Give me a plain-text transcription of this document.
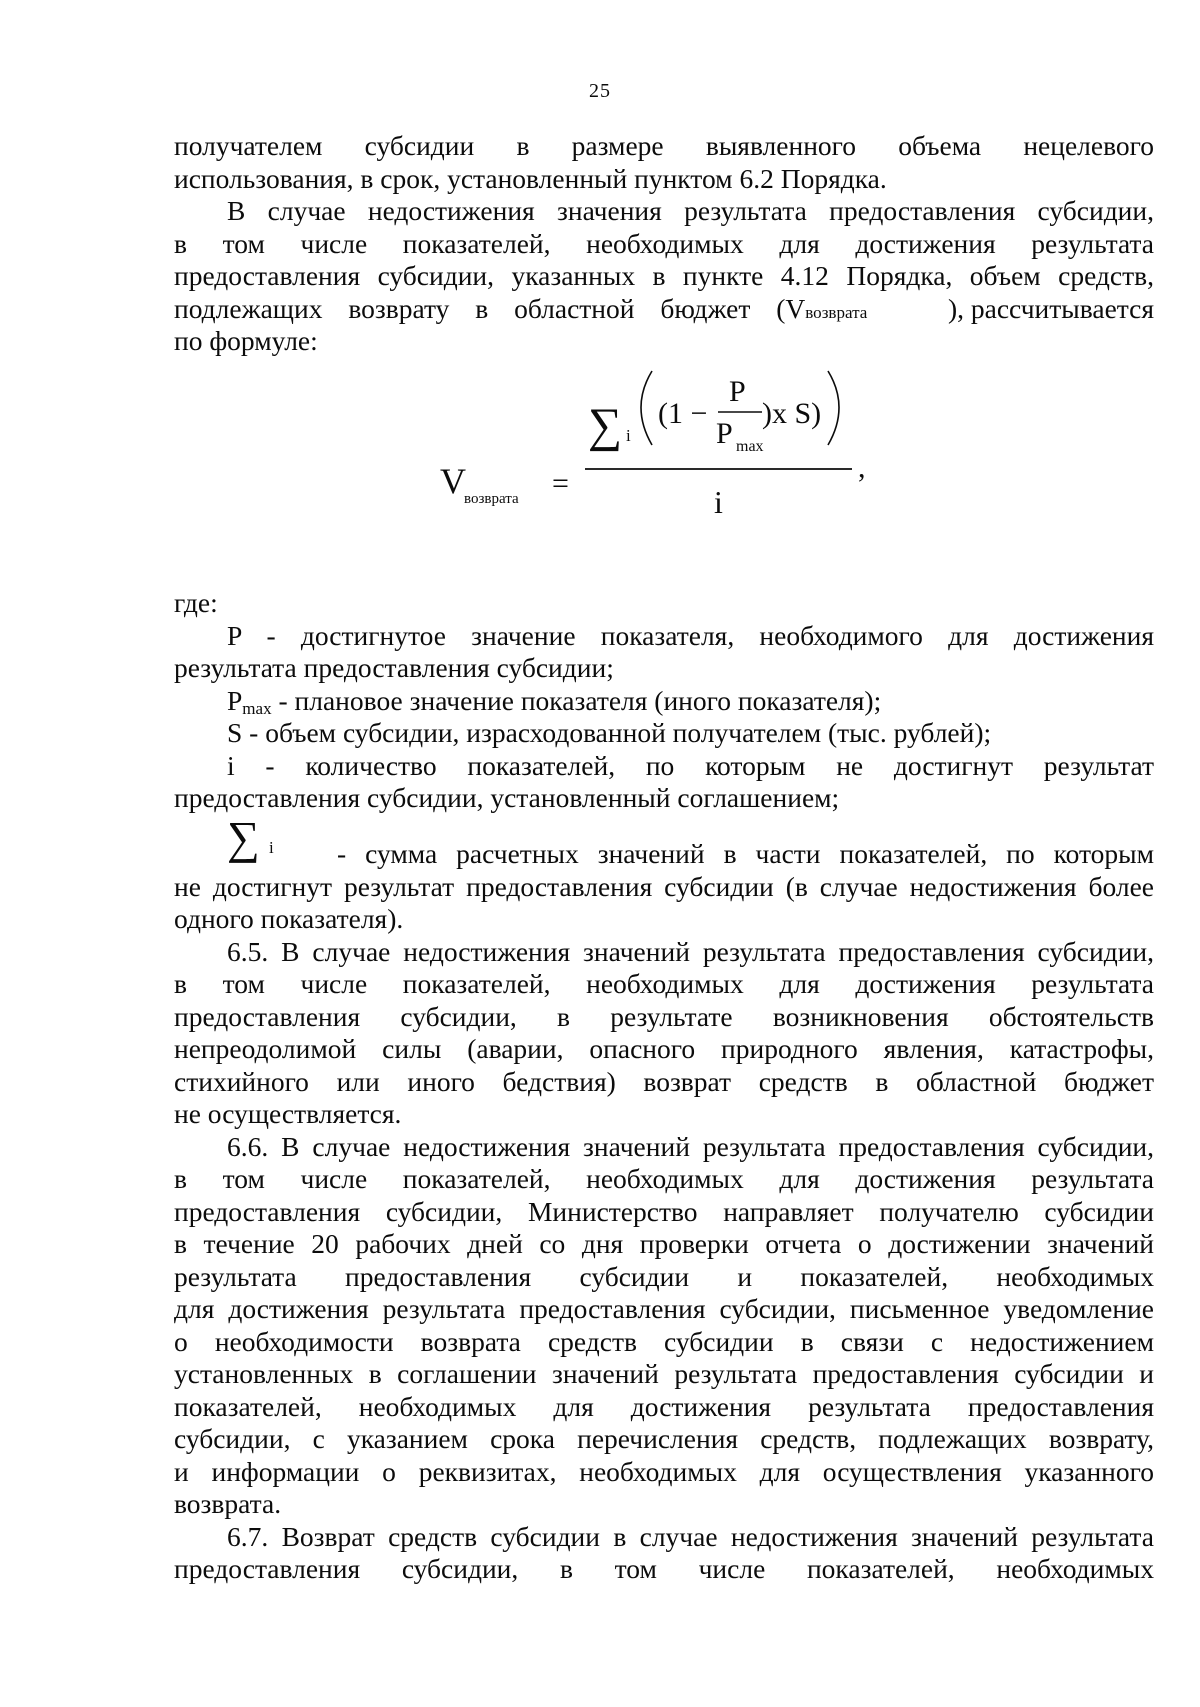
25
получателем субсидии в размере выявленного объема нецелевого
использования, в срок, установленный пунктом 6.2 Порядка.
В случае недостижения значения результата предоставления субсидии,
в том числе показателей, необходимых для достижения результата
предоставления субсидии, указанных в пункте 4.12 Порядка, объем средств,
подлежащих возврату в областной бюджет (V возврата	), рассчитывается
по формуле:
V
возврата =
∑ i
(1 −
P
P max
)x S)
i
,
где:
P - достигнутое значение показателя, необходимого для достижения
результата предоставления субсидии;
$P_{max}$ - плановое значение показателя (иного показателя);
S - объем субсидии, израсходованной получателем (тыс. рублей);
i - количество показателей, по которым не достигнут результат
предоставления субсидии, установленный соглашением;
∑ i - сумма расчетных значений в части показателей, по которым
не достигнут результат предоставления субсидии (в случае недостижения более
одного показателя).
6.5. В случае недостижения значений результата предоставления субсидии,
в том числе показателей, необходимых для достижения результата
предоставления субсидии, в результате возникновения обстоятельств
непреодолимой силы (аварии, опасного природного явления, катастрофы,
стихийного или иного бедствия) возврат средств в областной бюджет
не осуществляется.
6.6. В случае недостижения значений результата предоставления субсидии,
в том числе показателей, необходимых для достижения результата
предоставления субсидии, Министерство направляет получателю субсидии
в течение 20 рабочих дней со дня проверки отчета о достижении значений
результата предоставления субсидии и показателей, необходимых
для достижения результата предоставления субсидии, письменное уведомление
о необходимости возврата средств субсидии в связи с недостижением
установленных в соглашении значений результата предоставления субсидии и
показателей, необходимых для достижения результата предоставления
субсидии, с указанием срока перечисления средств, подлежащих возврату,
и информации о реквизитах, необходимых для осуществления указанного
возврата.
6.7. Возврат средств субсидии в случае недостижения значений результата
предоставления субсидии, в том числе показателей, необходимых
